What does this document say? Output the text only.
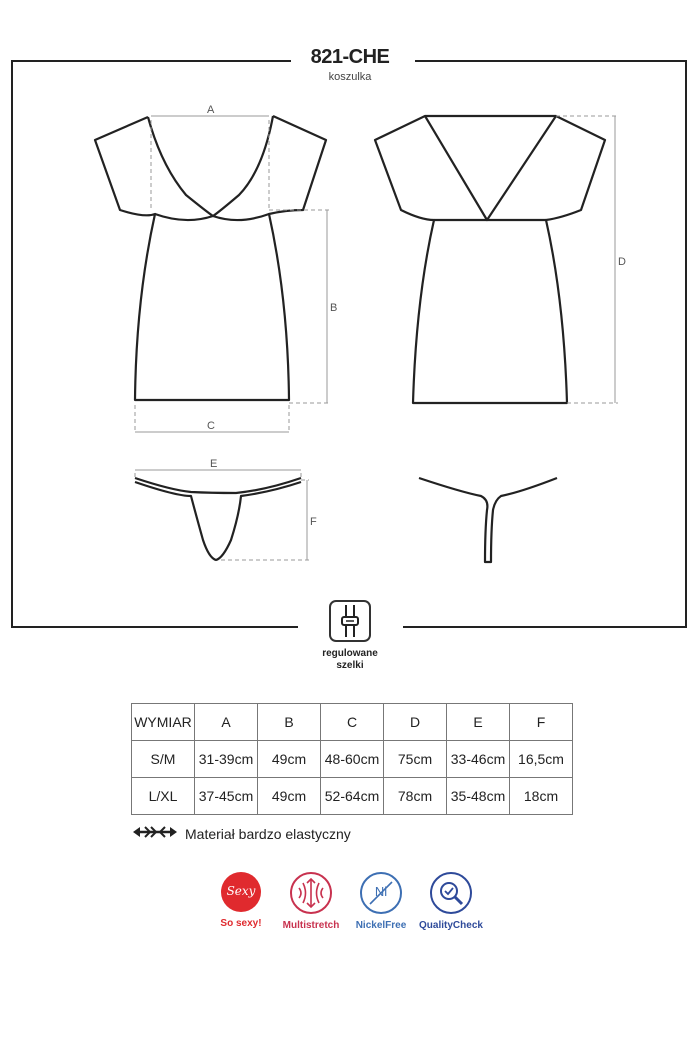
821-CHE
koszulka
A
B
C
D
E
F
regulowane
szelki
WYMIAR	A	B	C	D	E	F
S/M	31-39cm	49cm	48-60cm	75cm	33-46cm	16,5cm
L/XL	37-45cm	49cm	52-64cm	78cm	35-48cm	18cm
Materiał bardzo elastyczny
Sexy
So sexy!	Multistretch
Ni
NickelFree	QualityCheck
